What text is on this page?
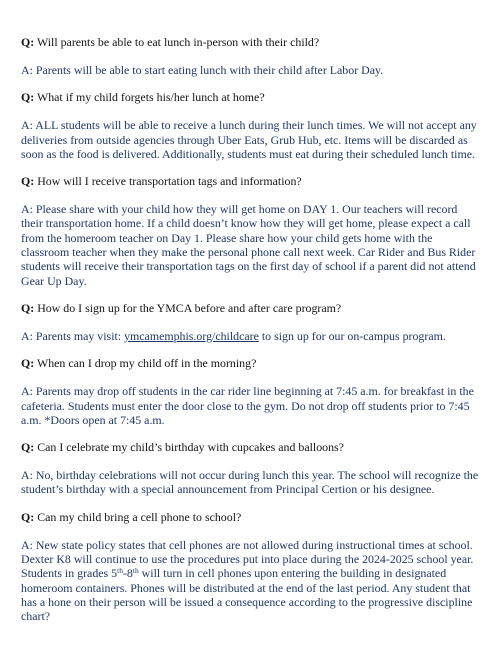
Q: Will parents be able to eat lunch in-person with their child?

A: Parents will be able to start eating lunch with their child after Labor Day.

Q: What if my child forgets his/her lunch at home?

A: ALL students will be able to receive a lunch during their lunch times. We will not accept any deliveries from outside agencies through Uber Eats, Grub Hub, etc. Items will be discarded as soon as the food is delivered. Additionally, students must eat during their scheduled lunch time.

Q: How will I receive transportation tags and information?

A: Please share with your child how they will get home on DAY 1. Our teachers will record their transportation home. If a child doesn’t know how they will get home, please expect a call from the homeroom teacher on Day 1. Please share how your child gets home with the classroom teacher when they make the personal phone call next week. Car Rider and Bus Rider students will receive their transportation tags on the first day of school if a parent did not attend Gear Up Day.

Q: How do I sign up for the YMCA before and after care program?

A: Parents may visit: ymcamemphis.org/childcare to sign up for our on-campus program.

Q: When can I drop my child off in the morning?

A: Parents may drop off students in the car rider line beginning at 7:45 a.m. for breakfast in the cafeteria. Students must enter the door close to the gym. Do not drop off students prior to 7:45 a.m. *Doors open at 7:45 a.m.

Q: Can I celebrate my child’s birthday with cupcakes and balloons?

A: No, birthday celebrations will not occur during lunch this year. The school will recognize the student’s birthday with a special announcement from Principal Certion or his designee.

Q: Can my child bring a cell phone to school?

A: New state policy states that cell phones are not allowed during instructional times at school. Dexter K8 will continue to use the procedures put into place during the 2024-2025 school year. Students in grades 5th-8th will turn in cell phones upon entering the building in designated homeroom containers. Phones will be distributed at the end of the last period. Any student that has a hone on their person will be issued a consequence according to the progressive discipline chart?
